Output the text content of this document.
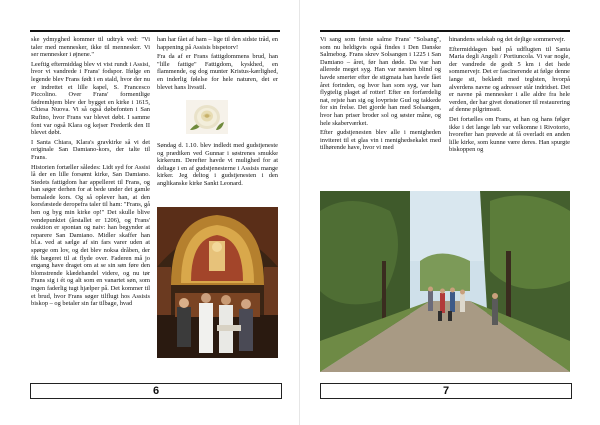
ske ydmyghed kommer til udtryk ved: "Vi taler med mennesker, ikke til mennesker. Vi ser mennesker i øjnene."

Leeftig eftermiddag blev vi vist rundt i Assisi, hvor vi vandrede i Frans' fodspor. Ifølge en legende blev Frans født i en stald, hvor der nu er indrettet et lille kapel, S. Francesco Piccolino. Over Frans' formentlige fødremhjem blev der bygget en kirke i 1615, Chiesa Nuova. Vi så også døbefonten i San Rufino, hvor Frans var blevet døbt. I samme font var også Klara og kejser Frederik den II blevet døbt.

I Santa Chiara, Klara's gravkirke så vi det originale San Damiano-kors, der talte til Frans.

Historien fortæller således: Lidt syd for Assisi lå der en lille forsømt kirke, San Damiano. Stedets fattigdom har appelleret til Frans, og han søger derhen for at bede under det gamle bemalede kors. Og så oplever han, at den korsfæstede deropefra taler til ham: "Frans, gå hen og byg min kirke op!" Det skulle blive vendepunktet (årstallet er 1206), og Frans' reaktion er spontan og naiv: han begynder at reparere San Damiano. Midler skaffer han bl.a. ved at sælge af sin fars varer uden at spørge om lov, og det blev noksa dråben, der fik bægeret til at flyde over. Faderen må jo engang have draget om at se sin søn føre den blomstrende klædehandel videre, og nu tør Frans sig i ét og alt som en vanartet søn, som ingen faderlig tugt hjælper på. Det kommer til et brud, hvor Frans søger tilflugt hos Assisis biskop – og betaler sin far tilbage, hvad

han har fået af ham – lige til den sidste tråd, en happening på Assisis bispetorv!

Fra da af er Frans fattigdommens brud, han "lille fattige" Fattigdom, kyskhed, en flammende, og dog munter Kristus-kærlighed, en inderlig følelse for hele naturen, det er blevet hans livsstil.

Søndag d. 1.10. blev indledt med gudstjeneste og prædiken ved Gunnar i søstrenes smukke kirkerum. Derefter havde vi mulighed for at deltage i en af gudstjenesterne i Assisis mange kirker. Jeg deltog i gudstjenesten i den anglikanske kirke Sankt Leonard.

6

Vi sang som første salme Frans' "Solsang", som nu heldigvis også findes i Den Danske Salmebog. Frans skrev Solsangen i 1225 i San Damiano – året, før han døde. Da var han allerede meget syg. Han var næsten blind og havde smerter efter de stigmata han havde fået året forinden, og hvor han som syg, var han flygtelig plaget af rotter! Efter en forfærdelig nat, rejste han sig og lovpriste Gud og takkede for sin frelse. Det gjorde han med Solsangen, hvor han priser broder sol og søster måne, og hele skaberværket.

Efter gudstjenesten blev alle i menigheden inviteret til et glas vin i menighedsekalet med tilhørende have, hvor vi med

hinandens selskab og det dejlige sommervejr.

Eftermiddagen bød på udflugten til Santa Maria degli Angeli / Portiuncola. Vi var nogle, der vandrede de godt 5 km i det hede sommervejr. Det er fascinerende at følge denne lange sti, beklædt med teglsten, hvorpå alverdens navne og adresser står indridset. Det er navne på mennesker i alle aldre fra hele verden, der har givet donationer til restaurering af denne pilgrimssti.

Det fortælles om Frans, at han og hans følger ikke i det lange løb var velkomne i Rivotorto, hvorefter han prøvede at få overladt en anden lille kirke, som kunne være deres. Han spurgte biskoppen og

7
